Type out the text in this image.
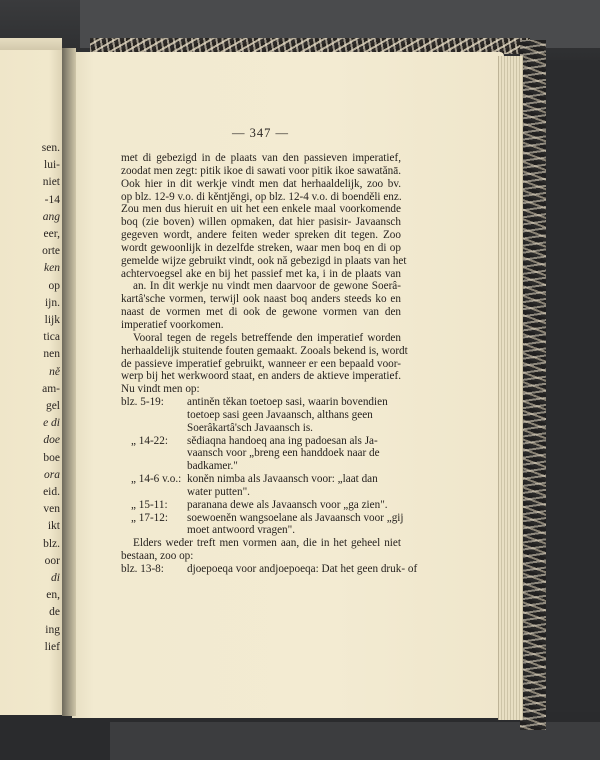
sen.
lui-
niet
-14
ang
eer,
orte
ken
op
ijn.
lijk
tica
nen
ně
am-
gel
e di
doe
boe
ora
eid.
ven
ikt
blz.
oor
di
en,
de
ing
lief
— 347 —
met di gebezigd in de plaats van den passieven imperatief,
zoodat men zegt: pitik ikoe di sawati voor pitik ikoe sawatănā.
Ook hier in dit werkje vindt men dat herhaaldelijk, zoo bv.
op blz. 12-9 v.o. di kěntjěngi, op blz. 12-4 v.o. di boenděli enz.
Zou men dus hieruit en uit het een enkele maal voorkomende
boq (zie boven) willen opmaken, dat hier pasisir- Javaansch
gegeven wordt, andere feiten weder spreken dit tegen. Zoo
wordt gewoonlijk in dezelfde streken, waar men boq en di op
gemelde wijze gebruikt vindt, ook nă gebezigd in plaats van het
achtervoegsel ake en bij het passief met ka, i in de plaats van
an. In dit werkje nu vindt men daarvoor de gewone Soerâ-
kartâ'sche vormen, terwijl ook naast boq anders steeds ko en
naast de vormen met di ook de gewone vormen van den
imperatief voorkomen.
Vooral tegen de regels betreffende den imperatief worden
herhaaldelijk stuitende fouten gemaakt. Zooals bekend is, wordt
de passieve imperatief gebruikt, wanneer er een bepaald voor-
werp bij het werkwoord staat, en anders de aktieve imperatief.
Nu vindt men op:
blz. 5-19: antiněn těkan toetoep sasi, waarin bovendien
toetoep sasi geen Javaansch, althans geen
Soerâkartâ'sch Javaansch is.
„ 14-22: sědiaqna handoeq ana ing padoesan als Ja-
vaansch voor „breng een handdoek naar de
badkamer."
„ 14-6 v.o.: koněn nimba als Javaansch voor: „laat dan
water putten".
„ 15-11: paranana dewe als Javaansch voor „ga zien".
„ 17-12: soewoeněn wangsoelane als Javaansch voor „gij
moet antwoord vragen".
Elders weder treft men vormen aan, die in het geheel niet
bestaan, zoo op:
blz. 13-8: djoepoeqa voor andjoepoeqa: Dat het geen druk- of
